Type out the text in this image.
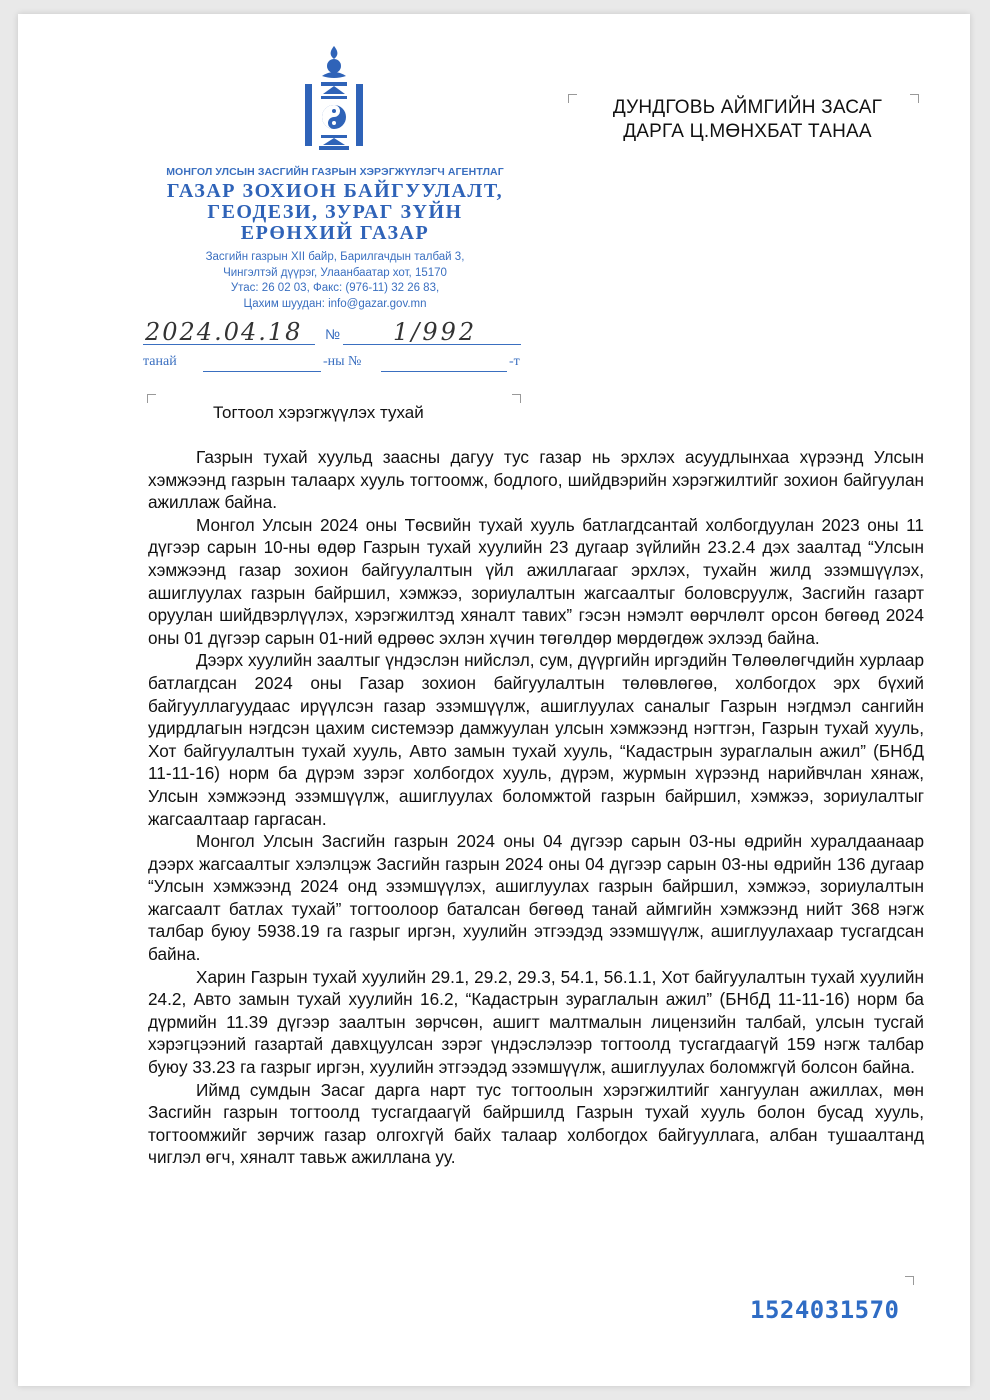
МОНГОЛ УЛСЫН ЗАСГИЙН ГАЗРЫН ХЭРЭГЖҮҮЛЭГЧ АГЕНТЛАГ
ГАЗАР ЗОХИОН БАЙГУУЛАЛТ,
ГЕОДЕЗИ, ЗУРАГ ЗҮЙН
ЕРӨНХИЙ ГАЗАР
Засгийн газрын XII байр, Барилгачдын талбай 3,
Чингэлтэй дүүрэг, Улаанбаатар хот, 15170
Утас: 26 02 03, Факс: (976-11) 32 26 83,
Цахим шуудан: info@gazar.gov.mn
2024.04.18 № 1/992
танай	-ны №	-т
ДУНДГОВЬ АЙМГИЙН ЗАСАГ
ДАРГА Ц.МӨНХБАТ ТАНАА
Тогтоол хэрэгжүүлэх тухай

Газрын тухай хуульд заасны дагуу тус газар нь эрхлэх асуудлынхаа хүрээнд Улсын хэмжээнд газрын талаарх хууль тогтоомж, бодлого, шийдвэрийн хэрэгжилтийг зохион байгуулан ажиллаж байна.

Монгол Улсын 2024 оны Төсвийн тухай хууль батлагдсантай холбогдуулан 2023 оны 11 дүгээр сарын 10-ны өдөр Газрын тухай хуулийн 23 дугаар зүйлийн 23.2.4 дэх заалтад “Улсын хэмжээнд газар зохион байгуулалтын үйл ажиллагааг эрхлэх, тухайн жилд эзэмшүүлэх, ашиглуулах газрын байршил, хэмжээ, зориулалтын жагсаалтыг боловсруулж, Засгийн газарт оруулан шийдвэрлүүлэх, хэрэгжилтэд хяналт тавих” гэсэн нэмэлт өөрчлөлт орсон бөгөөд 2024 оны 01 дүгээр сарын 01-ний өдрөөс эхлэн хүчин төгөлдөр мөрдөгдөж эхлээд байна.

Дээрх хуулийн заалтыг үндэслэн нийслэл, сум, дүүргийн иргэдийн Төлөөлөгчдийн хурлаар батлагдсан 2024 оны Газар зохион байгуулалтын төлөвлөгөө, холбогдох эрх бүхий байгууллагуудаас ирүүлсэн газар эзэмшүүлж, ашиглуулах саналыг Газрын нэгдмэл сангийн удирдлагын нэгдсэн цахим системээр дамжуулан улсын хэмжээнд нэгтгэн, Газрын тухай хууль, Хот байгуулалтын тухай хууль, Авто замын тухай хууль, “Кадастрын зураглалын ажил” (БНбД 11-11-16) норм ба дүрэм зэрэг холбогдох хууль, дүрэм, журмын хүрээнд нарийвчлан хянаж, Улсын хэмжээнд эзэмшүүлж, ашиглуулах боломжтой газрын байршил, хэмжээ, зориулалтыг жагсаалтаар гаргасан.

Монгол Улсын Засгийн газрын 2024 оны 04 дүгээр сарын 03-ны өдрийн хуралдаанаар дээрх жагсаалтыг хэлэлцэж Засгийн газрын 2024 оны 04 дүгээр сарын 03-ны өдрийн 136 дугаар “Улсын хэмжээнд 2024 онд эзэмшүүлэх, ашиглуулах газрын байршил, хэмжээ, зориулалтын жагсаалт батлах тухай” тогтоолоор баталсан бөгөөд танай аймгийн хэмжээнд нийт 368 нэгж талбар буюу 5938.19 га газрыг иргэн, хуулийн этгээдэд эзэмшүүлж, ашиглуулахаар тусгагдсан байна.

Харин Газрын тухай хуулийн 29.1, 29.2, 29.3, 54.1, 56.1.1, Хот байгуулалтын тухай хуулийн 24.2, Авто замын тухай хуулийн 16.2, “Кадастрын зураглалын ажил” (БНбД 11-11-16) норм ба дүрмийн 11.39 дүгээр заалтын зөрчсөн, ашигт малтмалын лицензийн талбай, улсын тусгай хэрэгцээний газартай давхцуулсан зэрэг үндэслэлээр тогтоолд тусгагдаагүй 159 нэгж талбар буюу 33.23 га газрыг иргэн, хуулийн этгээдэд эзэмшүүлж, ашиглуулах боломжгүй болсон байна.

Иймд сумдын Засаг дарга нарт тус тогтоолын хэрэгжилтийг хангуулан ажиллах, мөн Засгийн газрын тогтоолд тусгагдаагүй байршилд Газрын тухай хууль болон бусад хууль, тогтоомжийг зөрчиж газар олгохгүй байх талаар холбогдох байгууллага, албан тушаалтанд чиглэл өгч, хяналт тавьж ажиллана уу.

1524031570
